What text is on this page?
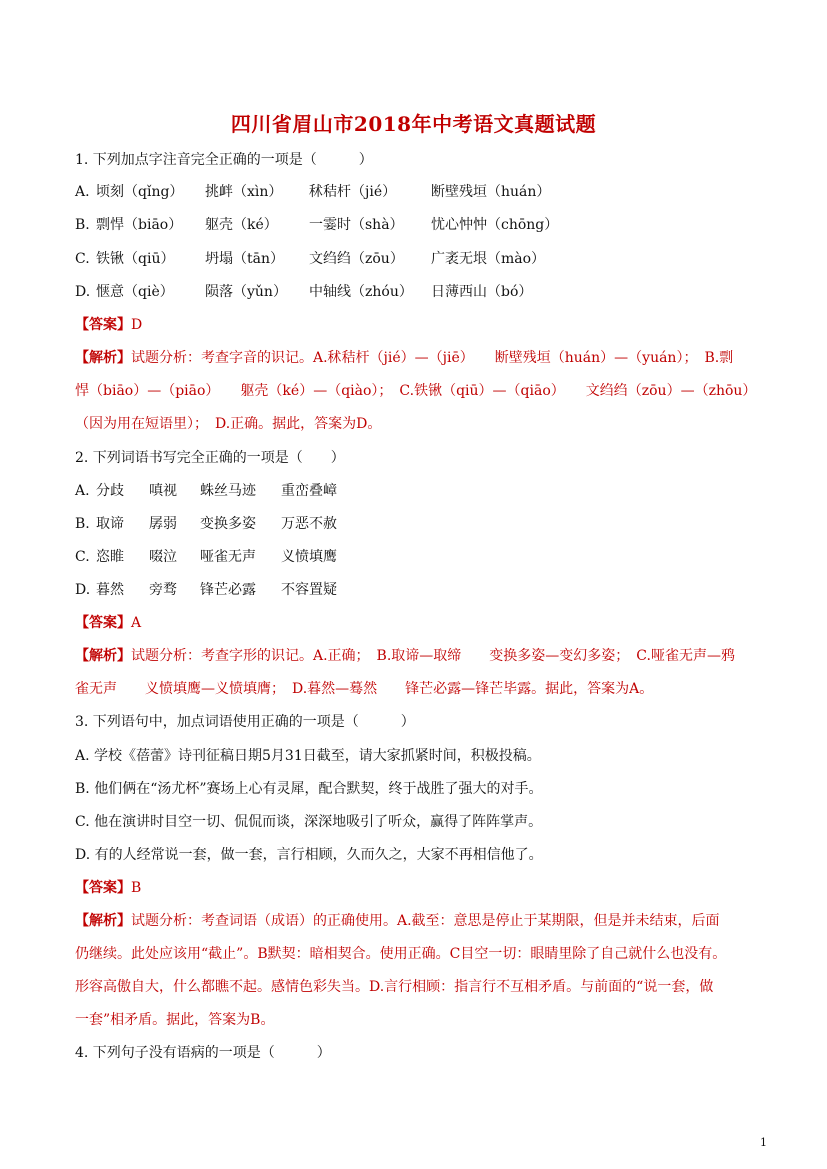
四川省眉山市2018年中考语文真题试题
1. 下列加点字注音完全正确的一项是（　　　）
A. 顷刻（qǐng） 挑衅（xìn） 秫秸杆（jié） 断壁残垣（huán）
B. 剽悍（biāo） 躯壳（ké） 一霎时（shà） 忧心忡忡（chōng）
C. 铁锹（qiū） 坍塌（tān） 文绉绉（zōu） 广袤无垠（mào）
D. 惬意（qiè） 陨落（yǔn） 中轴线（zhóu） 日薄西山（bó）
【答案】D
【解析】试题分析：考查字音的识记。A.秫秸杆（jié）—（jiē）　　断壁残垣（huán）—（yuán）；　B.剽
悍（biāo）—（piāo）　　躯壳（ké）—（qiào）；　C.铁锹（qiū）—（qiāo）　　文绉绉（zōu）—（zhōu）
（因为用在短语里）；　D.正确。据此，答案为D。
2. 下列词语书写完全正确的一项是（　　）
A. 分歧 嗔视 蛛丝马迹 重峦叠嶂
B. 取谛 孱弱 变换多姿 万恶不赦
C. 恣睢 啜泣 哑雀无声 义愤填鹰
D. 暮然 旁骛 锋芒必露 不容置疑
【答案】A
【解析】试题分析：考查字形的识记。A.正确；　B.取谛—取缔　　变换多姿—变幻多姿；　C.哑雀无声—鸦
雀无声　　义愤填鹰—义愤填膺；　D.暮然—蓦然　　锋芒必露—锋芒毕露。据此，答案为A。
3. 下列语句中，加点词语使用正确的一项是（　　　）
A. 学校《蓓蕾》诗刊征稿日期5月31日截至，请大家抓紧时间，积极投稿。
B. 他们俩在“汤尤杯”赛场上心有灵犀，配合默契，终于战胜了强大的对手。
C. 他在演讲时目空一切、侃侃而谈，深深地吸引了听众，赢得了阵阵掌声。
D. 有的人经常说一套，做一套，言行相顾，久而久之，大家不再相信他了。
【答案】B
【解析】试题分析：考查词语（成语）的正确使用。A.截至：意思是停止于某期限，但是并未结束，后面
仍继续。此处应该用“截止”。B默契：暗相契合。使用正确。C目空一切：眼睛里除了自己就什么也没有。
形容高傲自大，什么都瞧不起。感情色彩失当。D.言行相顾：指言行不互相矛盾。与前面的“说一套，做
一套”相矛盾。据此，答案为B。
4. 下列句子没有语病的一项是（　　　）
1
